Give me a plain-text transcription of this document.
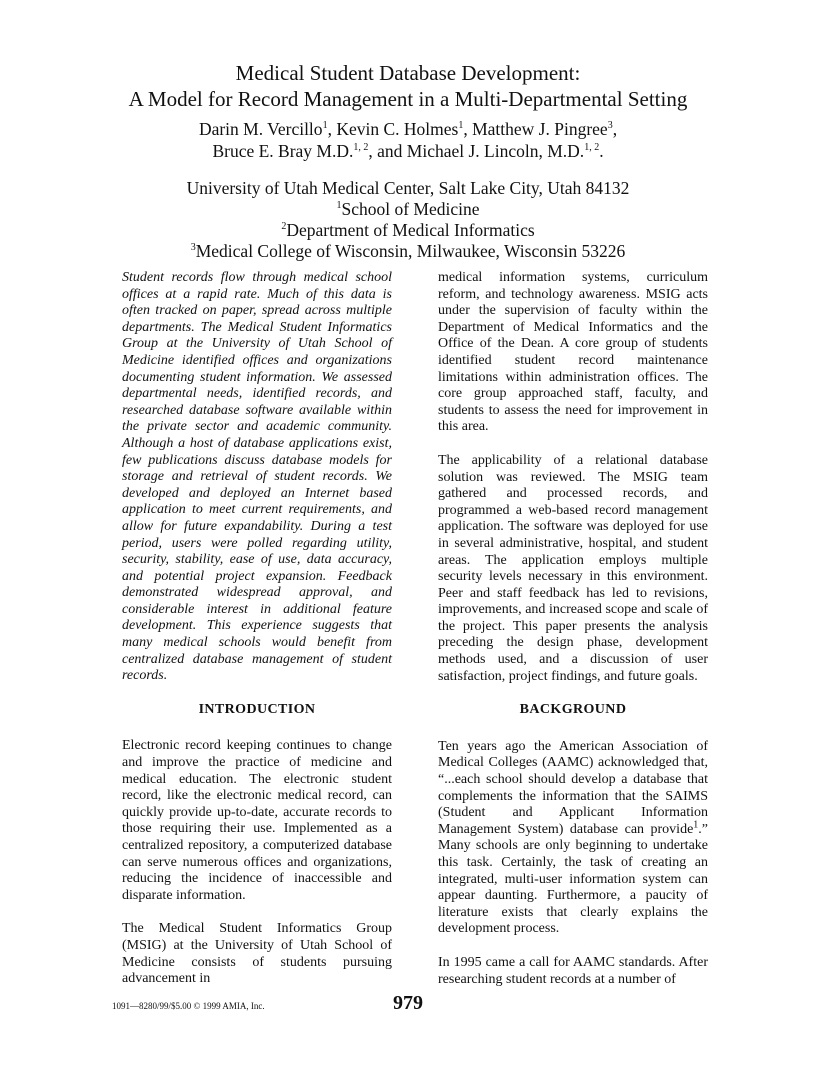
Medical Student Database Development:
A Model for Record Management in a Multi-Departmental Setting
Darin M. Vercillo$^1$, Kevin C. Holmes$^1$, Matthew J. Pingree$^3$,
Bruce E. Bray M.D.$^{1, 2}$, and Michael J. Lincoln, M.D.$^{1, 2}$.
University of Utah Medical Center, Salt Lake City, Utah 84132
$^1$School of Medicine
$^2$Department of Medical Informatics
$^3$Medical College of Wisconsin, Milwaukee, Wisconsin 53226

Student records flow through medical school offices at a rapid rate. Much of this data is often tracked on paper, spread across multiple departments. The Medical Student Informatics Group at the University of Utah School of Medicine identified offices and organizations documenting student information. We assessed departmental needs, identified records, and researched database software available within the private sector and academic community. Although a host of database applications exist, few publications discuss database models for storage and retrieval of student records. We developed and deployed an Internet based application to meet current requirements, and allow for future expandability. During a test period, users were polled regarding utility, security, stability, ease of use, data accuracy, and potential project expansion. Feedback demonstrated widespread approval, and considerable interest in additional feature development. This experience suggests that many medical schools would benefit from centralized database management of student records.

INTRODUCTION

Electronic record keeping continues to change and improve the practice of medicine and medical education. The electronic student record, like the electronic medical record, can quickly provide up-to-date, accurate records to those requiring their use. Implemented as a centralized repository, a computerized database can serve numerous offices and organizations, reducing the incidence of inaccessible and disparate information.

The Medical Student Informatics Group (MSIG) at the University of Utah School of Medicine consists of students pursuing advancement in

medical information systems, curriculum reform, and technology awareness. MSIG acts under the supervision of faculty within the Department of Medical Informatics and the Office of the Dean. A core group of students identified student record maintenance limitations within administration offices. The core group approached staff, faculty, and students to assess the need for improvement in this area.

The applicability of a relational database solution was reviewed. The MSIG team gathered and processed records, and programmed a web-based record management application. The software was deployed for use in several administrative, hospital, and student areas. The application employs multiple security levels necessary in this environment. Peer and staff feedback has led to revisions, improvements, and increased scope and scale of the project. This paper presents the analysis preceding the design phase, development methods used, and a discussion of user satisfaction, project findings, and future goals.

BACKGROUND

Ten years ago the American Association of Medical Colleges (AAMC) acknowledged that, “...each school should develop a database that complements the information that the SAIMS (Student and Applicant Information Management System) database can provide$^1$.” Many schools are only beginning to undertake this task. Certainly, the task of creating an integrated, multi-user information system can appear daunting. Furthermore, a paucity of literature exists that clearly explains the development process.

In 1995 came a call for AAMC standards. After researching student records at a number of

1091—8280/99/$5.00 © 1999 AMIA, Inc.	979
